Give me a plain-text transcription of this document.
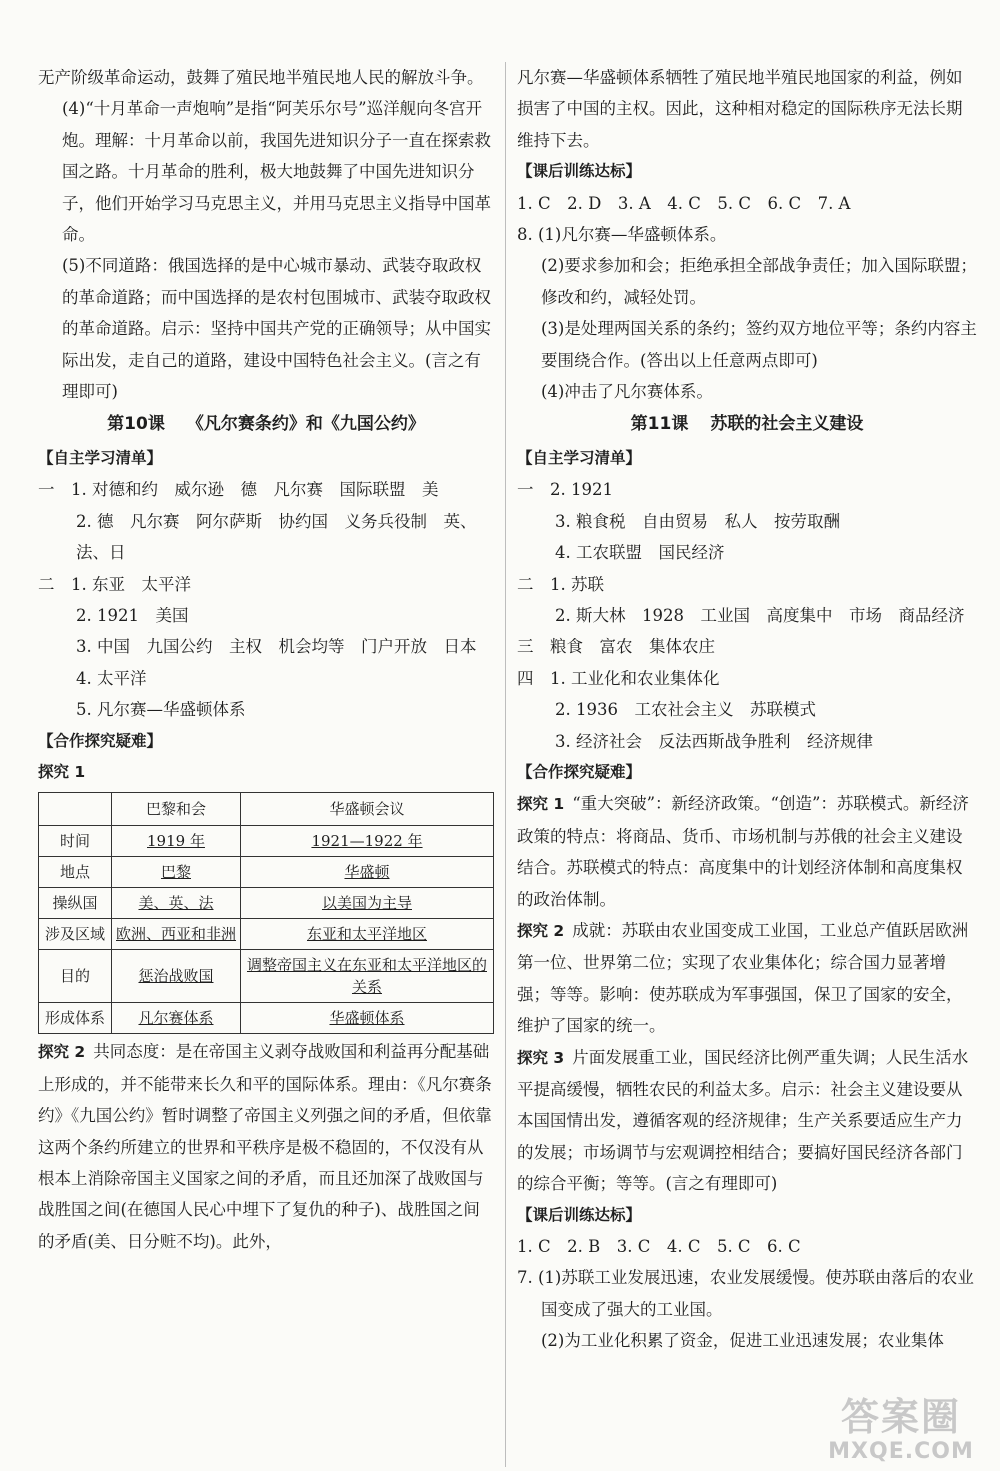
无产阶级革命运动，鼓舞了殖民地半殖民地人民的解放斗争。

(4)“十月革命一声炮响”是指“阿芙乐尔号”巡洋舰向冬宫开炮。理解：十月革命以前，我国先进知识分子一直在探索救国之路。十月革命的胜利，极大地鼓舞了中国先进知识分子，他们开始学习马克思主义，并用马克思主义指导中国革命。

(5)不同道路：俄国选择的是中心城市暴动、武装夺取政权的革命道路；而中国选择的是农村包围城市、武装夺取政权的革命道路。启示：坚持中国共产党的正确领导；从中国实际出发，走自己的道路，建设中国特色社会主义。(言之有理即可)

第10课 《凡尔赛条约》和《九国公约》

【自主学习清单】

一　1. 对德和约　威尔逊　德　凡尔赛　国际联盟　美

2. 德　凡尔赛　阿尔萨斯　协约国　义务兵役制　英、法、日

二　1. 东亚　太平洋

2. 1921　美国

3. 中国　九国公约　主权　机会均等　门户开放　日本

4. 太平洋

5. 凡尔赛—华盛顿体系

【合作探究疑难】

探究 1

	巴黎和会	华盛顿会议
时间	1919 年	1921—1922 年
地点	巴黎	华盛顿
操纵国	美、英、法	以美国为主导
涉及区域	欧洲、西亚和非洲	东亚和太平洋地区
目的	惩治战败国	调整帝国主义在东亚和太平洋地区的关系
形成体系	凡尔赛体系	华盛顿体系

探究 2 共同态度：是在帝国主义剥夺战败国和利益再分配基础上形成的，并不能带来长久和平的国际体系。理由：《凡尔赛条约》《九国公约》暂时调整了帝国主义列强之间的矛盾，但依靠这两个条约所建立的世界和平秩序是极不稳固的，不仅没有从根本上消除帝国主义国家之间的矛盾，而且还加深了战败国与战胜国之间(在德国人民心中埋下了复仇的种子)、战胜国之间的矛盾(美、日分赃不均)。此外，

凡尔赛—华盛顿体系牺牲了殖民地半殖民地国家的利益，例如损害了中国的主权。因此，这种相对稳定的国际秩序无法长期维持下去。

【课后训练达标】

1. C　2. D　3. A　4. C　5. C　6. C　7. A

8. (1)凡尔赛—华盛顿体系。

(2)要求参加和会；拒绝承担全部战争责任；加入国际联盟；修改和约，减轻处罚。

(3)是处理两国关系的条约；签约双方地位平等；条约内容主要围绕合作。(答出以上任意两点即可)

(4)冲击了凡尔赛体系。

第11课 苏联的社会主义建设

【自主学习清单】

一　2. 1921

3. 粮食税　自由贸易　私人　按劳取酬

4. 工农联盟　国民经济

二　1. 苏联

2. 斯大林　1928　工业国　高度集中　市场　商品经济

三　粮食　富农　集体农庄

四　1. 工业化和农业集体化

2. 1936　工农社会主义　苏联模式

3. 经济社会　反法西斯战争胜利　经济规律

【合作探究疑难】

探究 1 “重大突破”：新经济政策。“创造”：苏联模式。新经济政策的特点：将商品、货币、市场机制与苏俄的社会主义建设结合。苏联模式的特点：高度集中的计划经济体制和高度集权的政治体制。

探究 2 成就：苏联由农业国变成工业国，工业总产值跃居欧洲第一位、世界第二位；实现了农业集体化；综合国力显著增强；等等。影响：使苏联成为军事强国，保卫了国家的安全，维护了国家的统一。

探究 3 片面发展重工业，国民经济比例严重失调；人民生活水平提高缓慢，牺牲农民的利益太多。启示：社会主义建设要从本国国情出发，遵循客观的经济规律；生产关系要适应生产力的发展；市场调节与宏观调控相结合；要搞好国民经济各部门的综合平衡；等等。(言之有理即可)

【课后训练达标】

1. C　2. B　3. C　4. C　5. C　6. C

7. (1)苏联工业发展迅速，农业发展缓慢。使苏联由落后的农业国变成了强大的工业国。

(2)为工业化积累了资金，促进工业迅速发展；农业集体

答案圈
MXQE.COM
